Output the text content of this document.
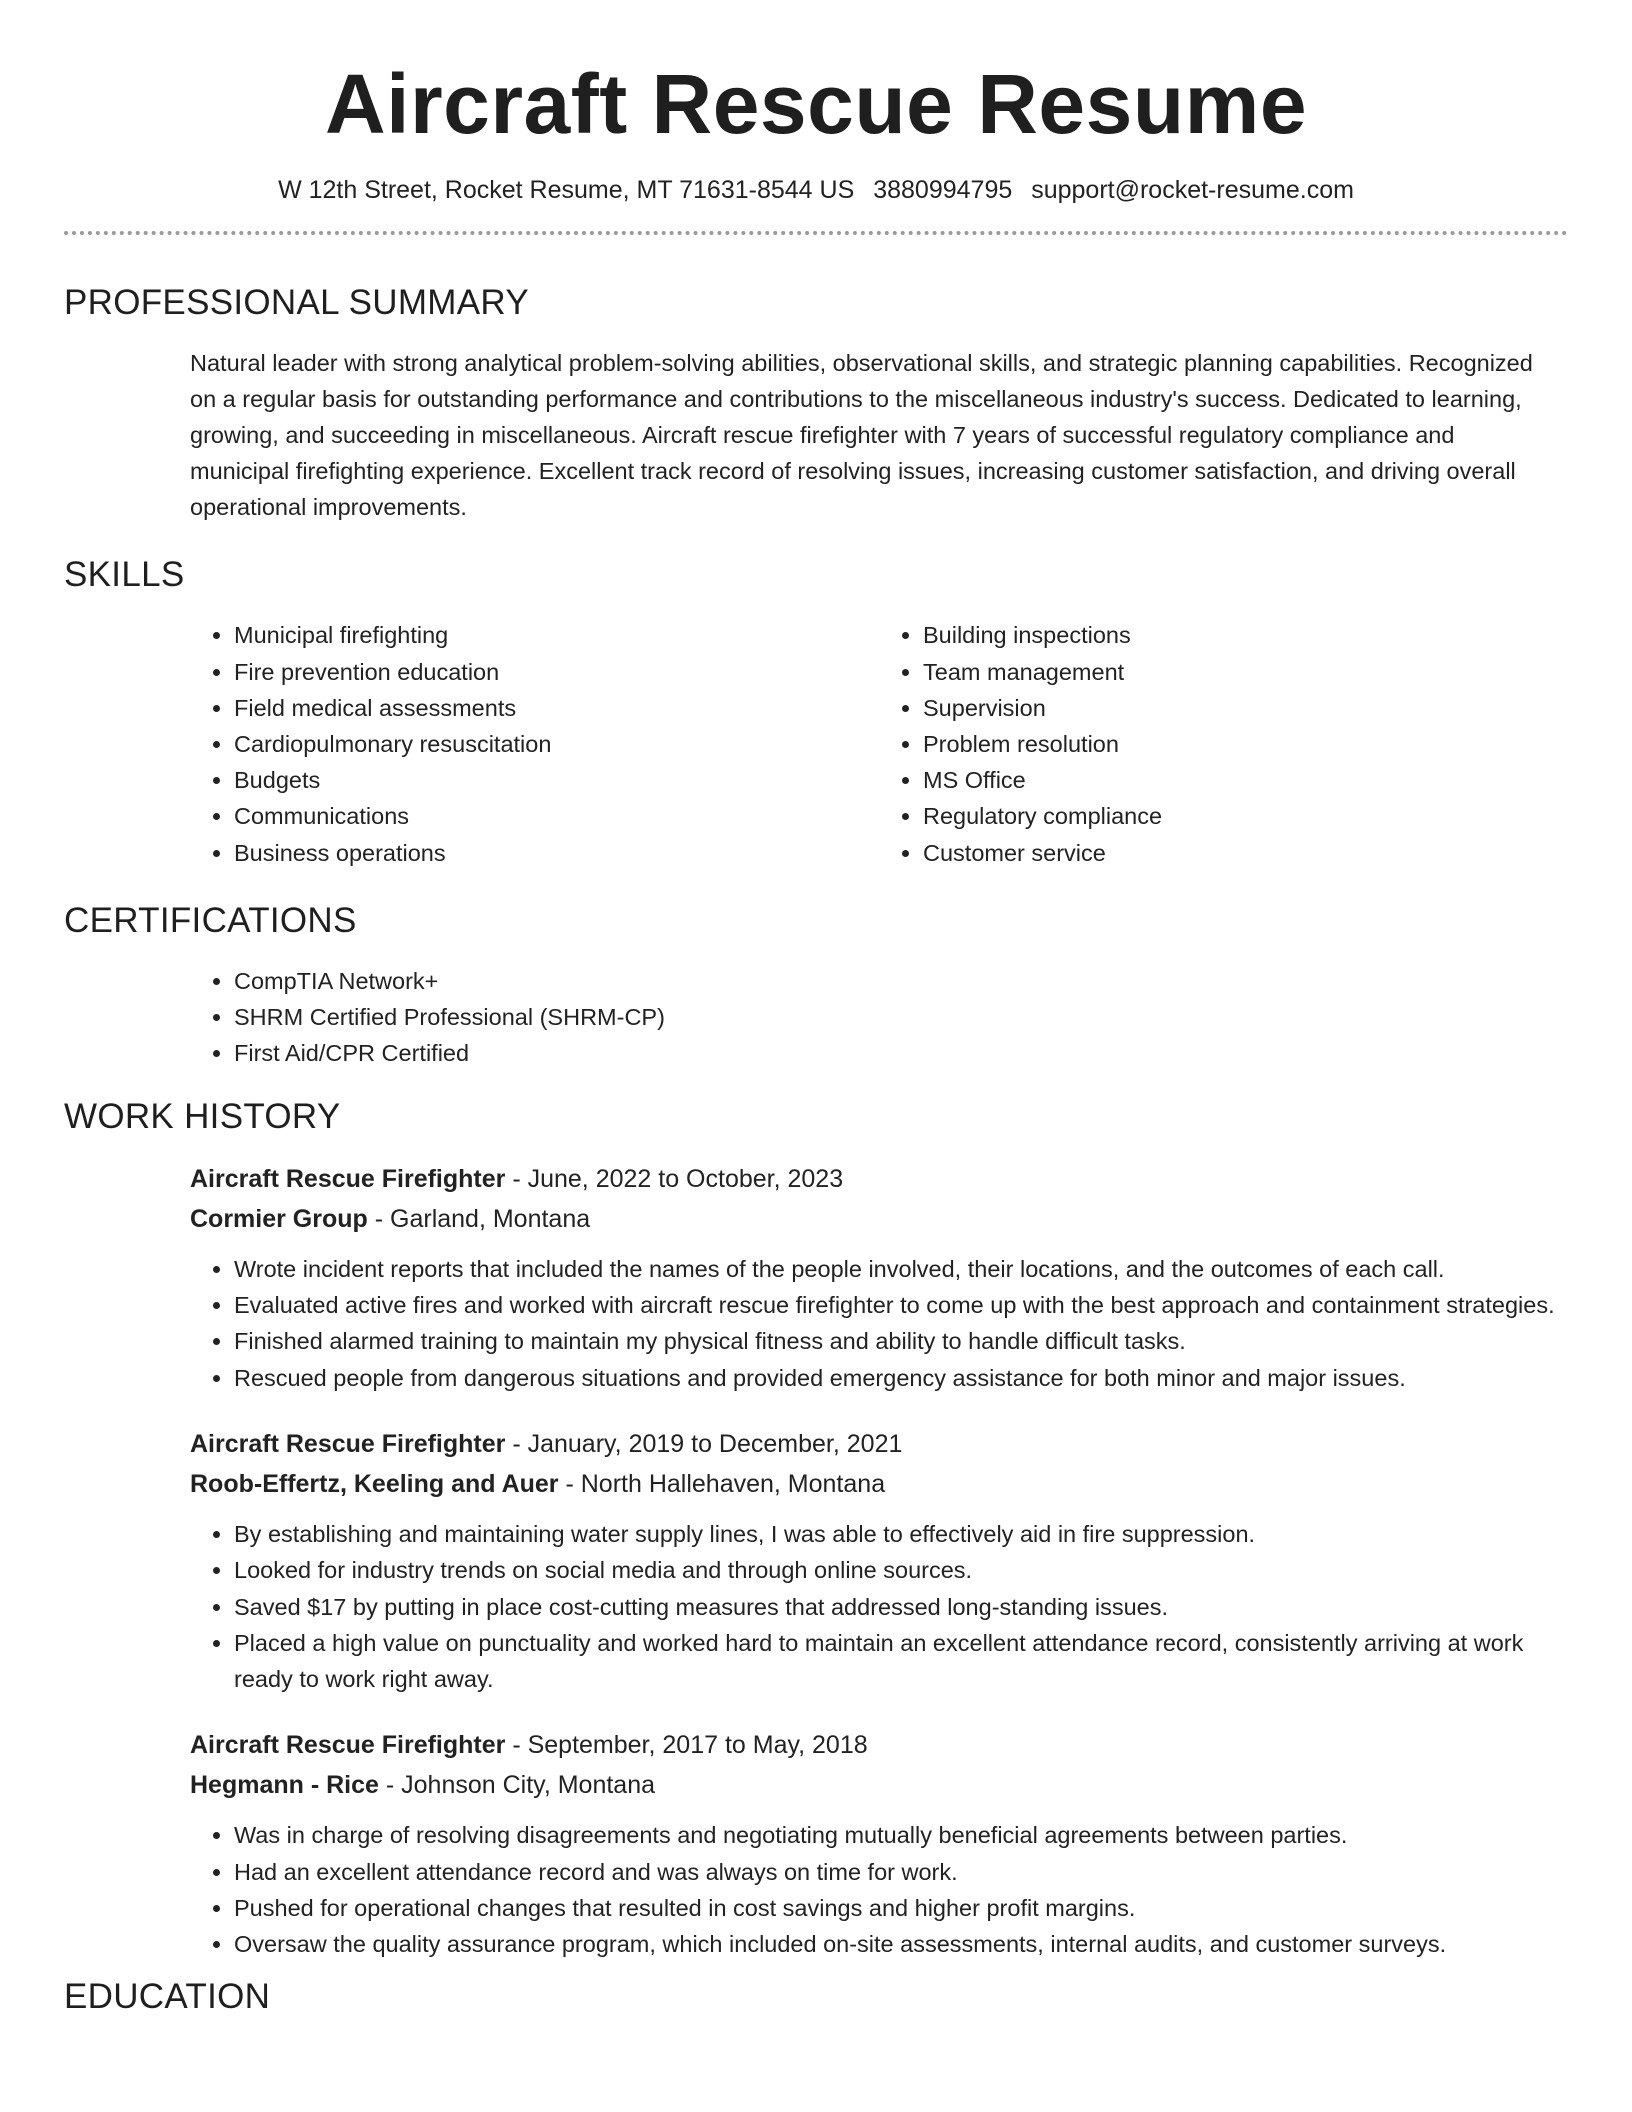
Aircraft Rescue Resume
W 12th Street, Rocket Resume, MT 71631-8544 US 3880994795 support@rocket-resume.com
PROFESSIONAL SUMMARY

Natural leader with strong analytical problem-solving abilities, observational skills, and strategic planning capabilities. Recognized on a regular basis for outstanding performance and contributions to the miscellaneous industry's success. Dedicated to learning, growing, and succeeding in miscellaneous. Aircraft rescue firefighter with 7 years of successful regulatory compliance and municipal firefighting experience. Excellent track record of resolving issues, increasing customer satisfaction, and driving overall operational improvements.

SKILLS
• Municipal firefighting
• Fire prevention education
• Field medical assessments
• Cardiopulmonary resuscitation
• Budgets
• Communications
• Business operations
• Building inspections
• Team management
• Supervision
• Problem resolution
• MS Office
• Regulatory compliance
• Customer service
CERTIFICATIONS
• CompTIA Network+
• SHRM Certified Professional (SHRM-CP)
• First Aid/CPR Certified
WORK HISTORY
Aircraft Rescue Firefighter - June, 2022 to October, 2023
Cormier Group - Garland, Montana
• Wrote incident reports that included the names of the people involved, their locations, and the outcomes of each call.
• Evaluated active fires and worked with aircraft rescue firefighter to come up with the best approach and containment strategies.
• Finished alarmed training to maintain my physical fitness and ability to handle difficult tasks.
• Rescued people from dangerous situations and provided emergency assistance for both minor and major issues.
Aircraft Rescue Firefighter - January, 2019 to December, 2021
Roob-Effertz, Keeling and Auer - North Hallehaven, Montana
• By establishing and maintaining water supply lines, I was able to effectively aid in fire suppression.
• Looked for industry trends on social media and through online sources.
• Saved $17 by putting in place cost-cutting measures that addressed long-standing issues.
• Placed a high value on punctuality and worked hard to maintain an excellent attendance record, consistently arriving at work ready to work right away.
Aircraft Rescue Firefighter - September, 2017 to May, 2018
Hegmann - Rice - Johnson City, Montana
• Was in charge of resolving disagreements and negotiating mutually beneficial agreements between parties.
• Had an excellent attendance record and was always on time for work.
• Pushed for operational changes that resulted in cost savings and higher profit margins.
• Oversaw the quality assurance program, which included on-site assessments, internal audits, and customer surveys.
EDUCATION
